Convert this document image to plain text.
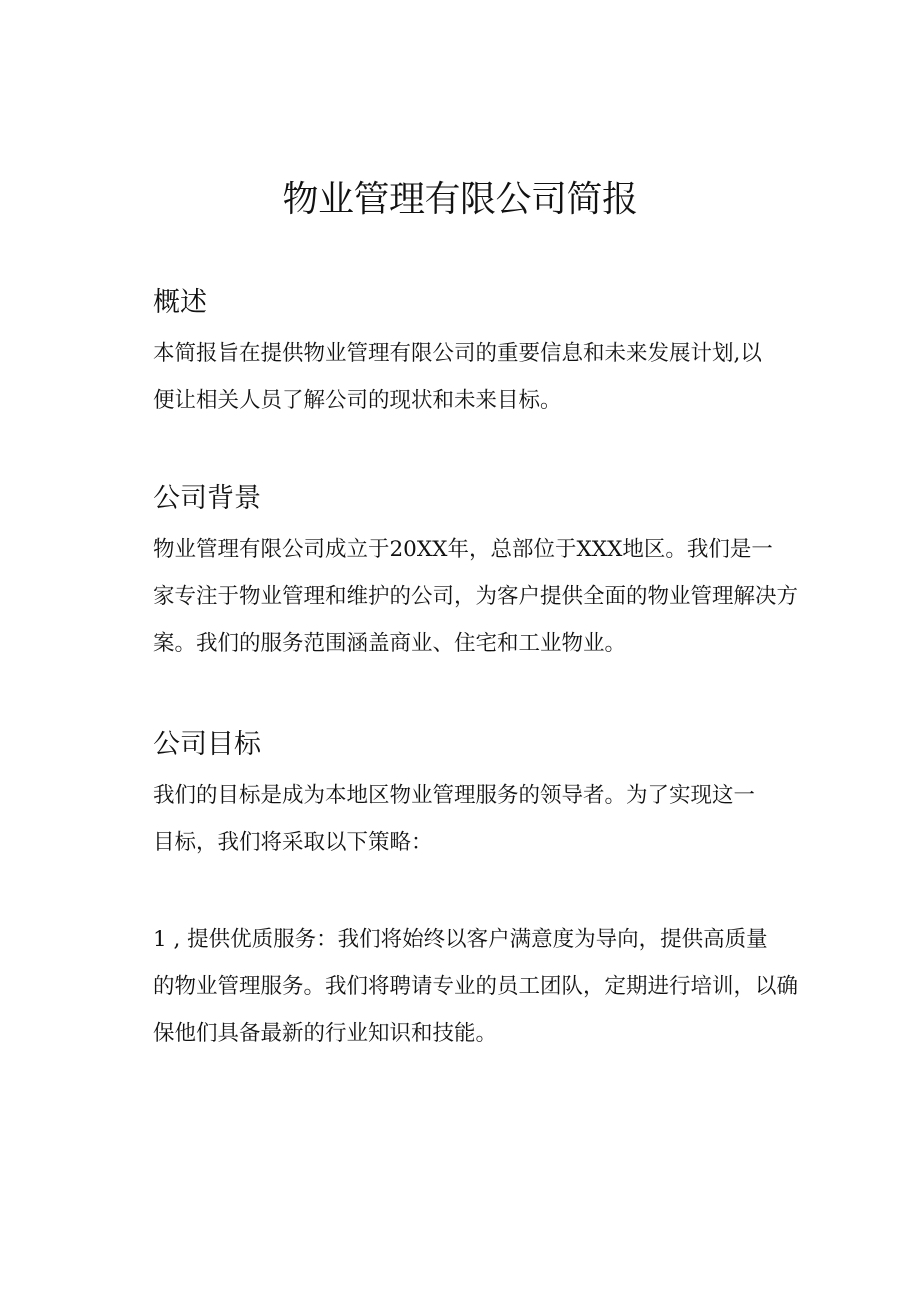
物业管理有限公司简报
概述

本简报旨在提供物业管理有限公司的重要信息和未来发展计划,以
便让相关人员了解公司的现状和未来目标。

公司背景

物业管理有限公司成立于20XX年，总部位于XXX地区。我们是一
家专注于物业管理和维护的公司，为客户提供全面的物业管理解决方
案。我们的服务范围涵盖商业、住宅和工业物业。

公司目标

我们的目标是成为本地区物业管理服务的领导者。为了实现这一
目标，我们将采取以下策略：

1 , 提供优质服务：我们将始终以客户满意度为导向，提供高质量
的物业管理服务。我们将聘请专业的员工团队，定期进行培训，以确
保他们具备最新的行业知识和技能。
